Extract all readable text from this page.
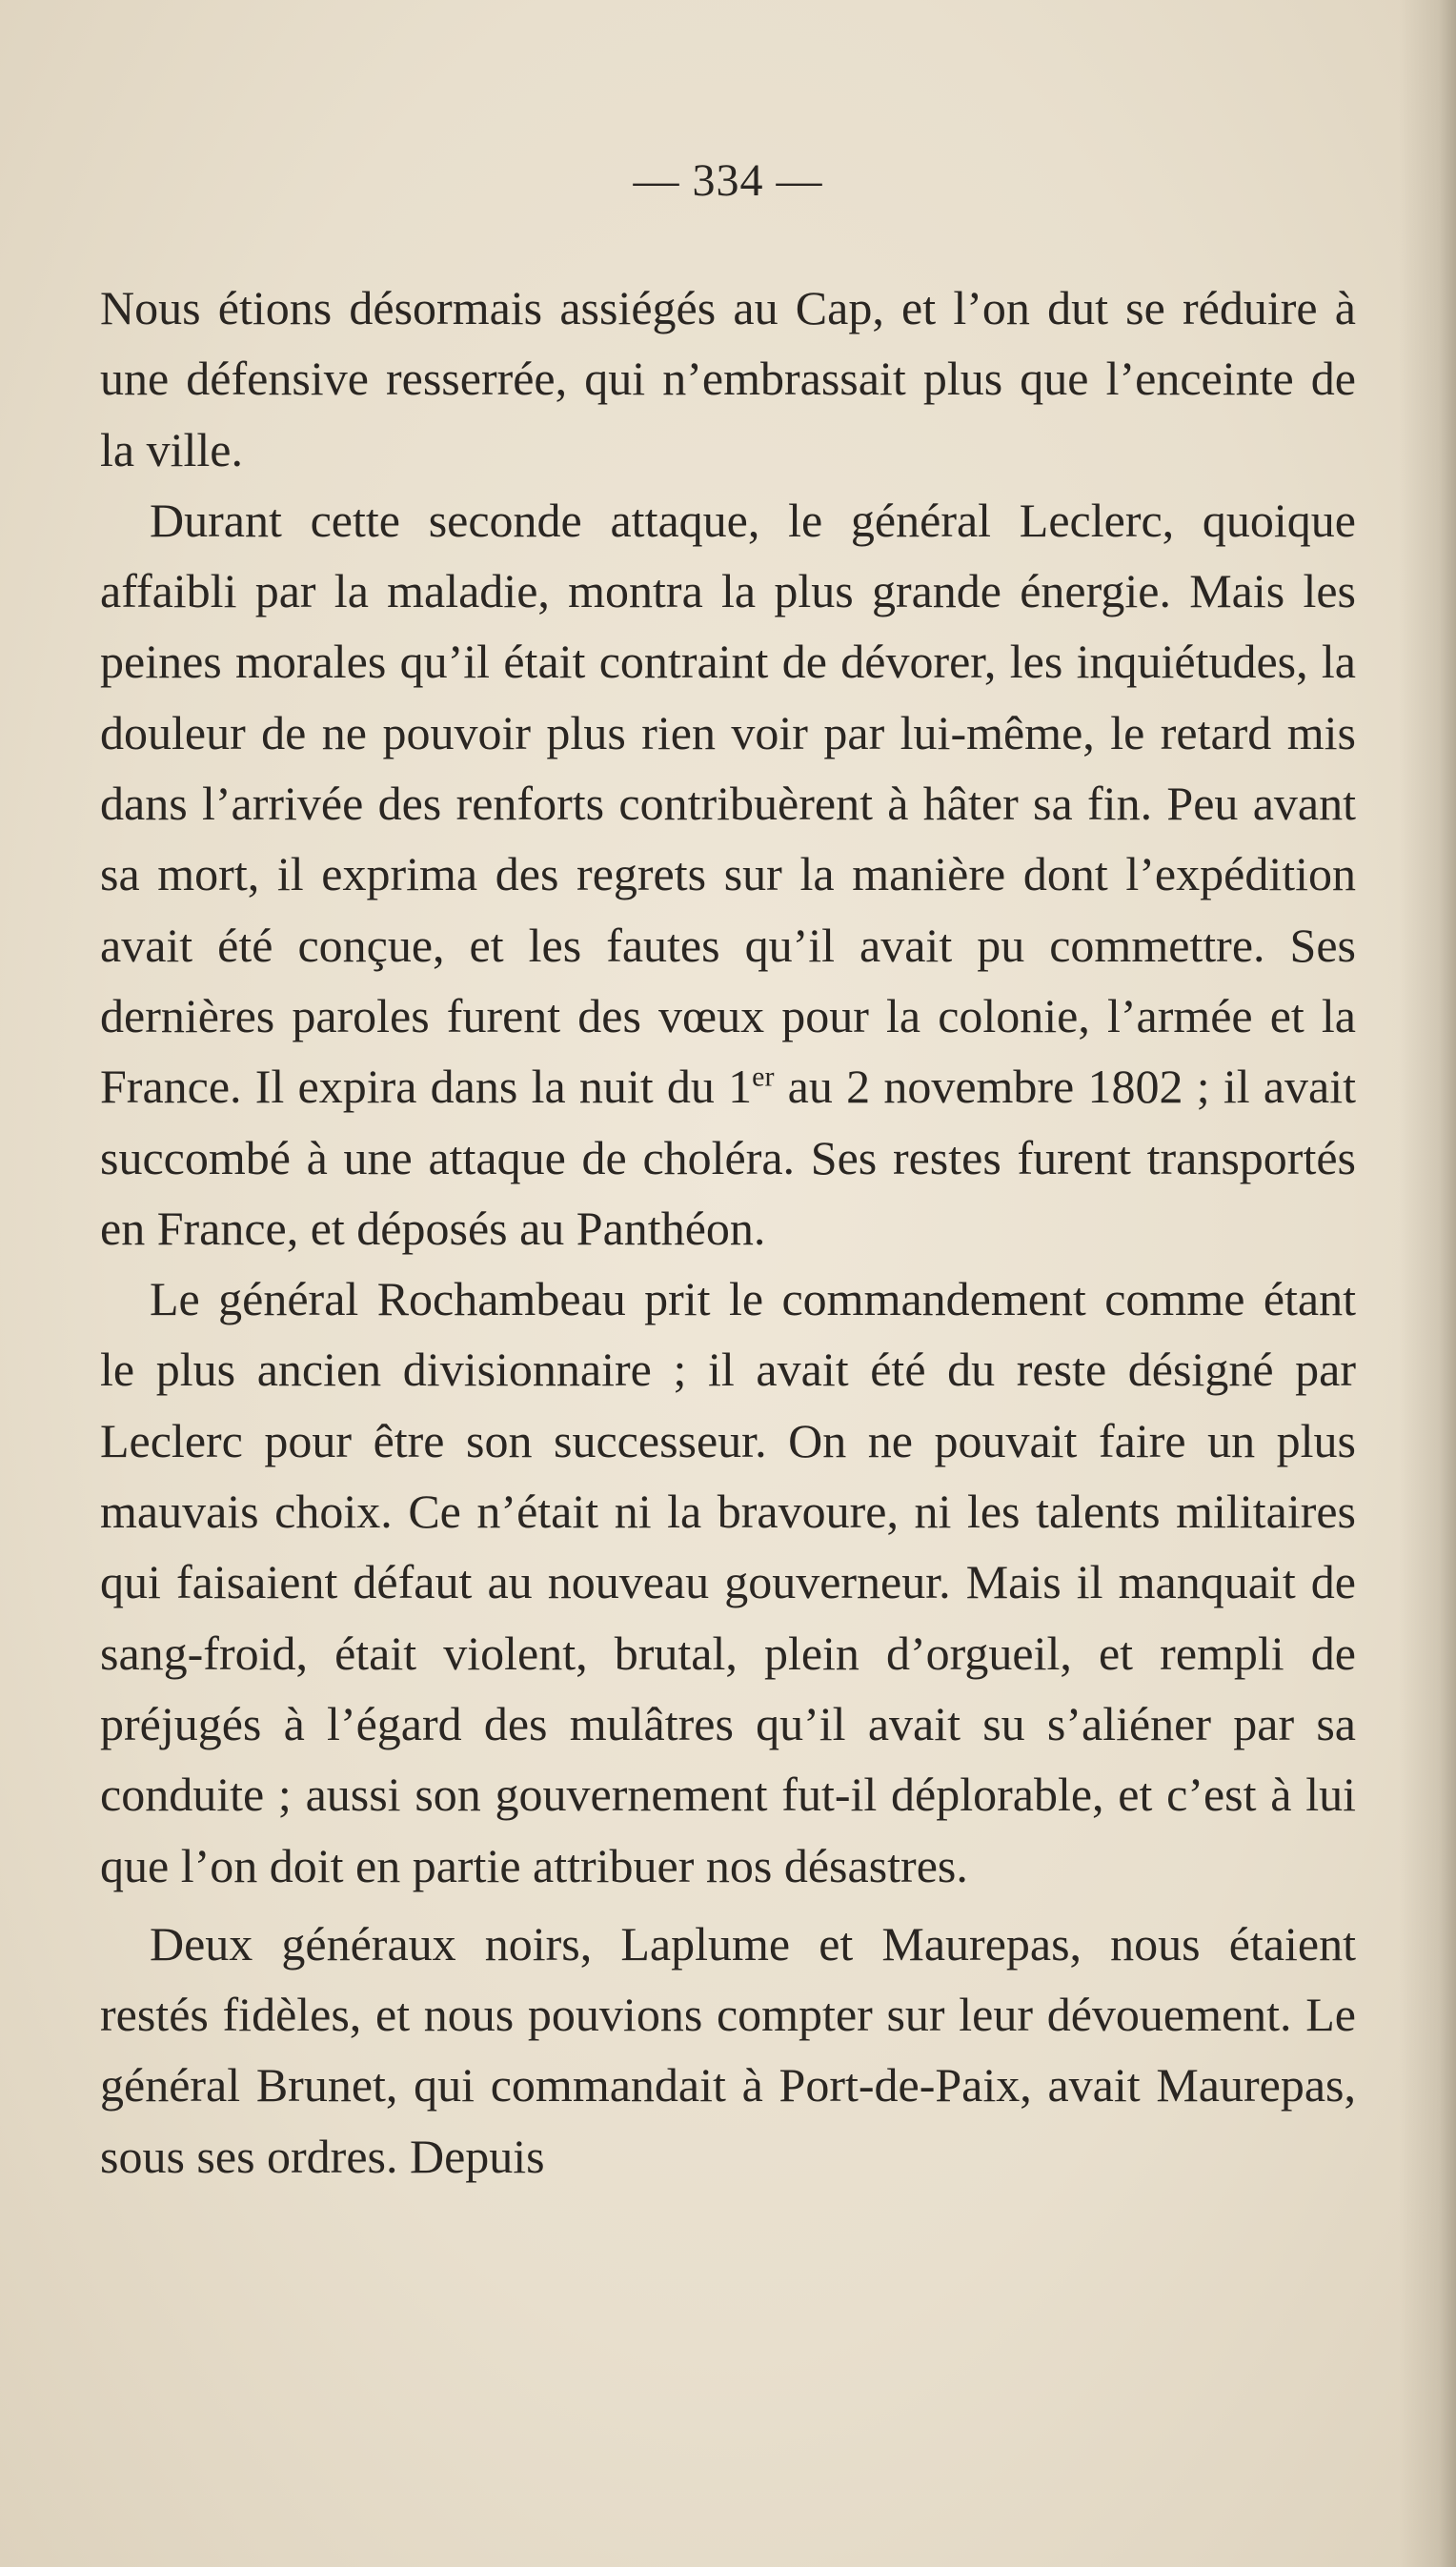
— 334 —

Nous étions désormais assiégés au Cap, et l’on dut se réduire à une défensive resserrée, qui n’embrassait plus que l’enceinte de la ville.

Durant cette seconde attaque, le général Leclerc, quoique affaibli par la maladie, montra la plus grande énergie. Mais les peines morales qu’il était contraint de dévorer, les inquiétudes, la douleur de ne pouvoir plus rien voir par lui-même, le retard mis dans l’arrivée des renforts contribuèrent à hâter sa fin. Peu avant sa mort, il exprima des regrets sur la manière dont l’expédition avait été conçue, et les fautes qu’il avait pu commettre. Ses dernières paroles furent des vœux pour la colonie, l’armée et la France. Il expira dans la nuit du 1er au 2 novembre 1802 ; il avait succombé à une attaque de choléra. Ses restes furent transportés en France, et déposés au Panthéon.

Le général Rochambeau prit le commandement comme étant le plus ancien divisionnaire ; il avait été du reste désigné par Leclerc pour être son successeur. On ne pouvait faire un plus mauvais choix. Ce n’était ni la bravoure, ni les talents militaires qui faisaient défaut au nouveau gouverneur. Mais il manquait de sang-froid, était violent, brutal, plein d’orgueil, et rempli de préjugés à l’égard des mulâtres qu’il avait su s’aliéner par sa conduite ; aussi son gouvernement fut-il déplorable, et c’est à lui que l’on doit en partie attribuer nos désastres.

Deux généraux noirs, Laplume et Maurepas, nous étaient restés fidèles, et nous pouvions compter sur leur dévouement. Le général Brunet, qui commandait à Port-de-Paix, avait Maurepas, sous ses ordres. Depuis
